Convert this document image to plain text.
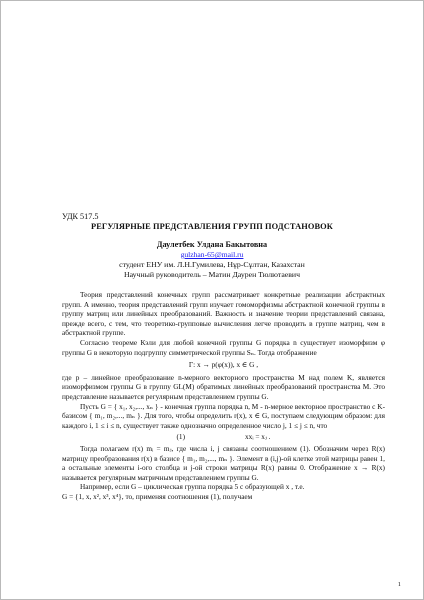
УДК 517.5
РЕГУЛЯРНЫЕ ПРЕДСТАВЛЕНИЯ ГРУПП ПОДСТАНОВОК
Даулетбек Улдана Бакытовна
gulzhan-65@mail.ru
студент ЕНУ им. Л.Н.Гумилева, Нұр-Сұлтан, Казахстан
Научный руководитель – Матин Даурен Тюлютаевич

Теория представлений конечных групп рассматривает конкретные реализации абстрактных групп. А именно, теория представлений групп изучает гомоморфизмы абстрактной конечной группы в группу матриц или линейных преобразований. Важность и значение теории представлений связана, прежде всего, с тем, что теоретико-групповые вычисления легче проводить в группе матриц, чем в абстрактной группе.

Согласно теореме Кэли для любой конечной группы G порядка n существует изоморфизм φ группы G в некоторую подгруппу симметрической группы Sₙ. Тогда отображение

Γ: x → p(φ(x)), x ∈ G ,

где p – линейное преобразование n-мерного векторного пространства M над полем K, является изоморфизмом группы G в группу GL(M) обратимых линейных преобразований пространства M. Это представление называется регулярным представлением группы G.

Пусть G = { x₁, x₂,..., xₙ } - конечная группа порядка n, M - n-мерное векторное пространство с K-базисом { m₁, m₂,..., mₙ }. Для того, чтобы определить r(x), x ∈ G, поступаем следующим образом: для каждого i, 1 ≤ i ≤ n, существует также однозначно определенное число j, 1 ≤ j ≤ n, что

(1)	xxᵢ = xⱼ .

Тогда полагаем r(x) mᵢ = mⱼ, где числа i, j связаны соотношением (1). Обозначим через R(x) матрицу преобразования r(x) в базисе { m₁, m₂,..., mₙ }. Элемент в (i,j)-ой клетке этой матрицы равен 1, а остальные элементы i-ого столбца и j-ой строки матрицы R(x) равны 0. Отображение x → R(x) называется регулярным матричным представлением группы G.

Например, если G – циклическая группа порядка 5 с образующей x , т.е.

G = {1, x, x², x³, x⁴}, то, применяя соотношения (1), получаем

1
